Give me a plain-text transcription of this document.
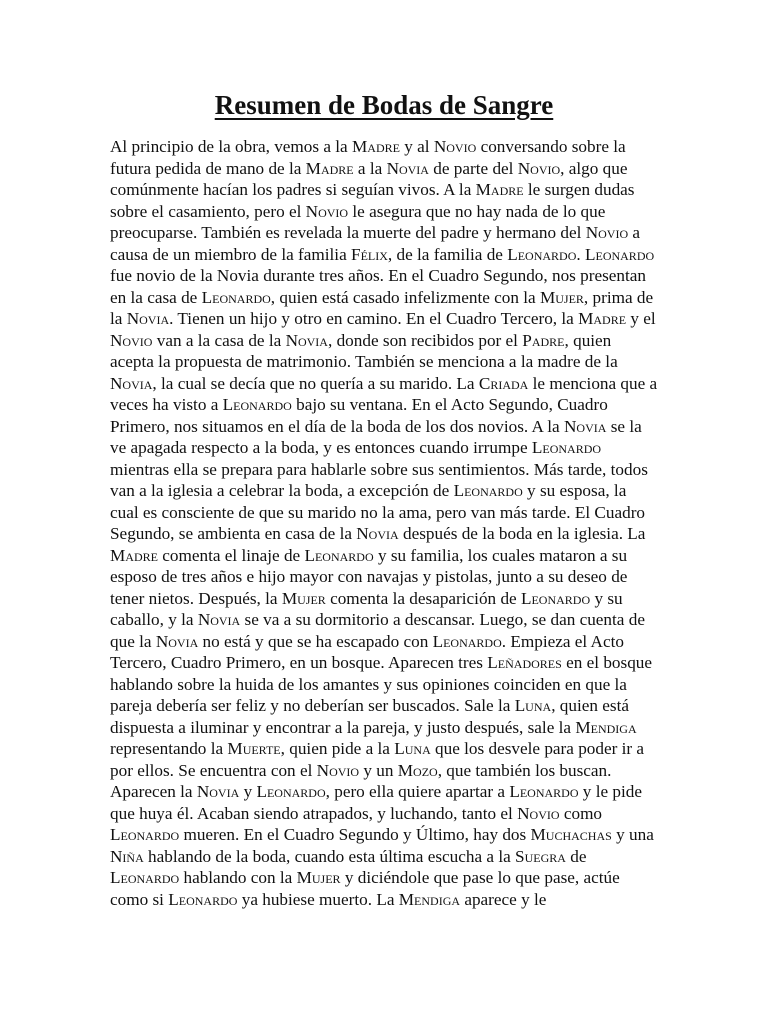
Resumen de Bodas de Sangre

Al principio de la obra, vemos a la Madre y al Novio conversando sobre la futura pedida de mano de la Madre a la Novia de parte del Novio, algo que comúnmente hacían los padres si seguían vivos. A la Madre le surgen dudas sobre el casamiento, pero el Novio le asegura que no hay nada de lo que preocuparse. También es revelada la muerte del padre y hermano del Novio a causa de un miembro de la familia Félix, de la familia de Leonardo. Leonardo fue novio de la Novia durante tres años. En el Cuadro Segundo, nos presentan en la casa de Leonardo, quien está casado infelizmente con la Mujer, prima de la Novia. Tienen un hijo y otro en camino. En el Cuadro Tercero, la Madre y el Novio van a la casa de la Novia, donde son recibidos por el Padre, quien acepta la propuesta de matrimonio. También se menciona a la madre de la Novia, la cual se decía que no quería a su marido. La Criada le menciona que a veces ha visto a Leonardo bajo su ventana. En el Acto Segundo, Cuadro Primero, nos situamos en el día de la boda de los dos novios. A la Novia se la ve apagada respecto a la boda, y es entonces cuando irrumpe Leonardo mientras ella se prepara para hablarle sobre sus sentimientos. Más tarde, todos van a la iglesia a celebrar la boda, a excepción de Leonardo y su esposa, la cual es consciente de que su marido no la ama, pero van más tarde. El Cuadro Segundo, se ambienta en casa de la Novia después de la boda en la iglesia. La Madre comenta el linaje de Leonardo y su familia, los cuales mataron a su esposo de tres años e hijo mayor con navajas y pistolas, junto a su deseo de tener nietos. Después, la Mujer comenta la desaparición de Leonardo y su caballo, y la Novia se va a su dormitorio a descansar. Luego, se dan cuenta de que la Novia no está y que se ha escapado con Leonardo. Empieza el Acto Tercero, Cuadro Primero, en un bosque. Aparecen tres Leñadores en el bosque hablando sobre la huida de los amantes y sus opiniones coinciden en que la pareja debería ser feliz y no deberían ser buscados. Sale la Luna, quien está dispuesta a iluminar y encontrar a la pareja, y justo después, sale la Mendiga representando la Muerte, quien pide a la Luna que los desvele para poder ir a por ellos. Se encuentra con el Novio y un Mozo, que también los buscan. Aparecen la Novia y Leonardo, pero ella quiere apartar a Leonardo y le pide que huya él. Acaban siendo atrapados, y luchando, tanto el Novio como Leonardo mueren. En el Cuadro Segundo y Último, hay dos Muchachas y una Niña hablando de la boda, cuando esta última escucha a la Suegra de Leonardo hablando con la Mujer y diciéndole que pase lo que pase, actúe como si Leonardo ya hubiese muerto. La Mendiga aparece y le
